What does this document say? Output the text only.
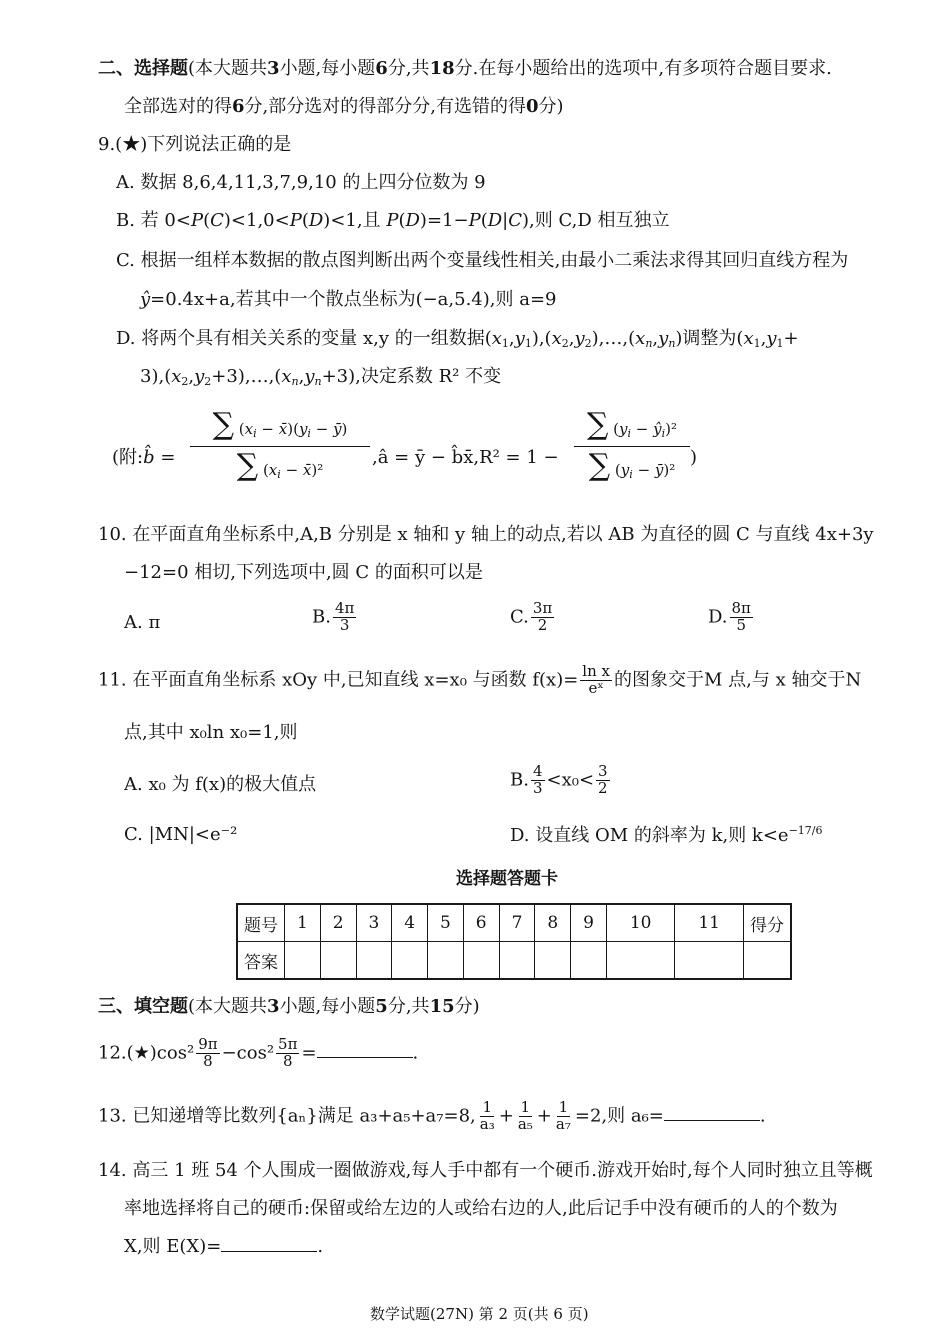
二、选择题(本大题共3小题,每小题6分,共18分.在每小题给出的选项中,有多项符合题目要求.
全部选对的得6分,部分选对的得部分分,有选错的得0分)
9.(★)下列说法正确的是
A. 数据 8,6,4,11,3,7,9,10 的上四分位数为 9
B. 若 0<P(C)<1,0<P(D)<1,且 P(D)=1−P(D|C),则 C,D 相互独立
C. 根据一组样本数据的散点图判断出两个变量线性相关,由最小二乘法求得其回归直线方程为
ŷ=0.4x+a,若其中一个散点坐标为(−a,5.4),则 a=9
D. 将两个具有相关关系的变量 x,y 的一组数据$(x_1,y_1),(x_2,y_2),\dots,(x_n,y_n)$调整为($x_1,y_1+$
$3),(x_2,y_2+3),\dots,(x_n,y_n+3)$,决定系数 R² 不变
(附:b̂ =
∑ ($x_i$ − $x̄)(y_i$ − ȳ)
∑ ($x_i$ − x̄)²
,â = ȳ − b̂x̄,R² = 1 −
∑ ($y_i$ − $ŷ_i)^2$
∑ ($y_i$ − ȳ)²
)
10. 在平面直角坐标系中,A,B 分别是 x 轴和 y 轴上的动点,若以 AB 为直径的圆 C 与直线 4x+3y
−12=0 相切,下列选项中,圆 C 的面积可以是
A. π	B. $\frac{4\pi}{3}$	C. $\frac{3\pi}{2}$	D. $\frac{8\pi}{5}$
11. 在平面直角坐标系 xOy 中,已知直线 x=x₀ 与函数 $f(x)= \frac{\text{ln x}}{\text{eˣ}}$ 的图象交于M 点,与 x 轴交于N
点,其中 x₀ln x₀=1,则
A. x₀ 为 f(x)的极大值点	B. $\frac{4}{3} <x_0< \frac{3}{2}$
C. |MN|<e⁻²	D. 设直线 OM 的斜率为 k,则 $k<e^{-17/6}$
选择题答题卡
题号	1	2	3	4	5	6	7	8	9	10	11	得分
答案												
三、填空题(本大题共3小题,每小题5分,共15分)
12.(★)cos² $\frac{9\pi}{8} -\cos^2 \frac{5\pi}{8}$ =	.
13. 已知递增等比数列{aₙ}满足 a₃+a₅+a₇=8, $\frac{1}{\text{a₃}} + \frac{1}{\text{a₅}} + \frac{1}{\text{a₇}} =2$,则 a₆=	.
14. 高三 1 班 54 个人围成一圈做游戏,每人手中都有一个硬币.游戏开始时,每个人同时独立且等概
率地选择将自己的硬币:保留或给左边的人或给右边的人,此后记手中没有硬币的人的个数为
X,则 E(X)=	.
数学试题(27N) 第 2 页(共 6 页)
